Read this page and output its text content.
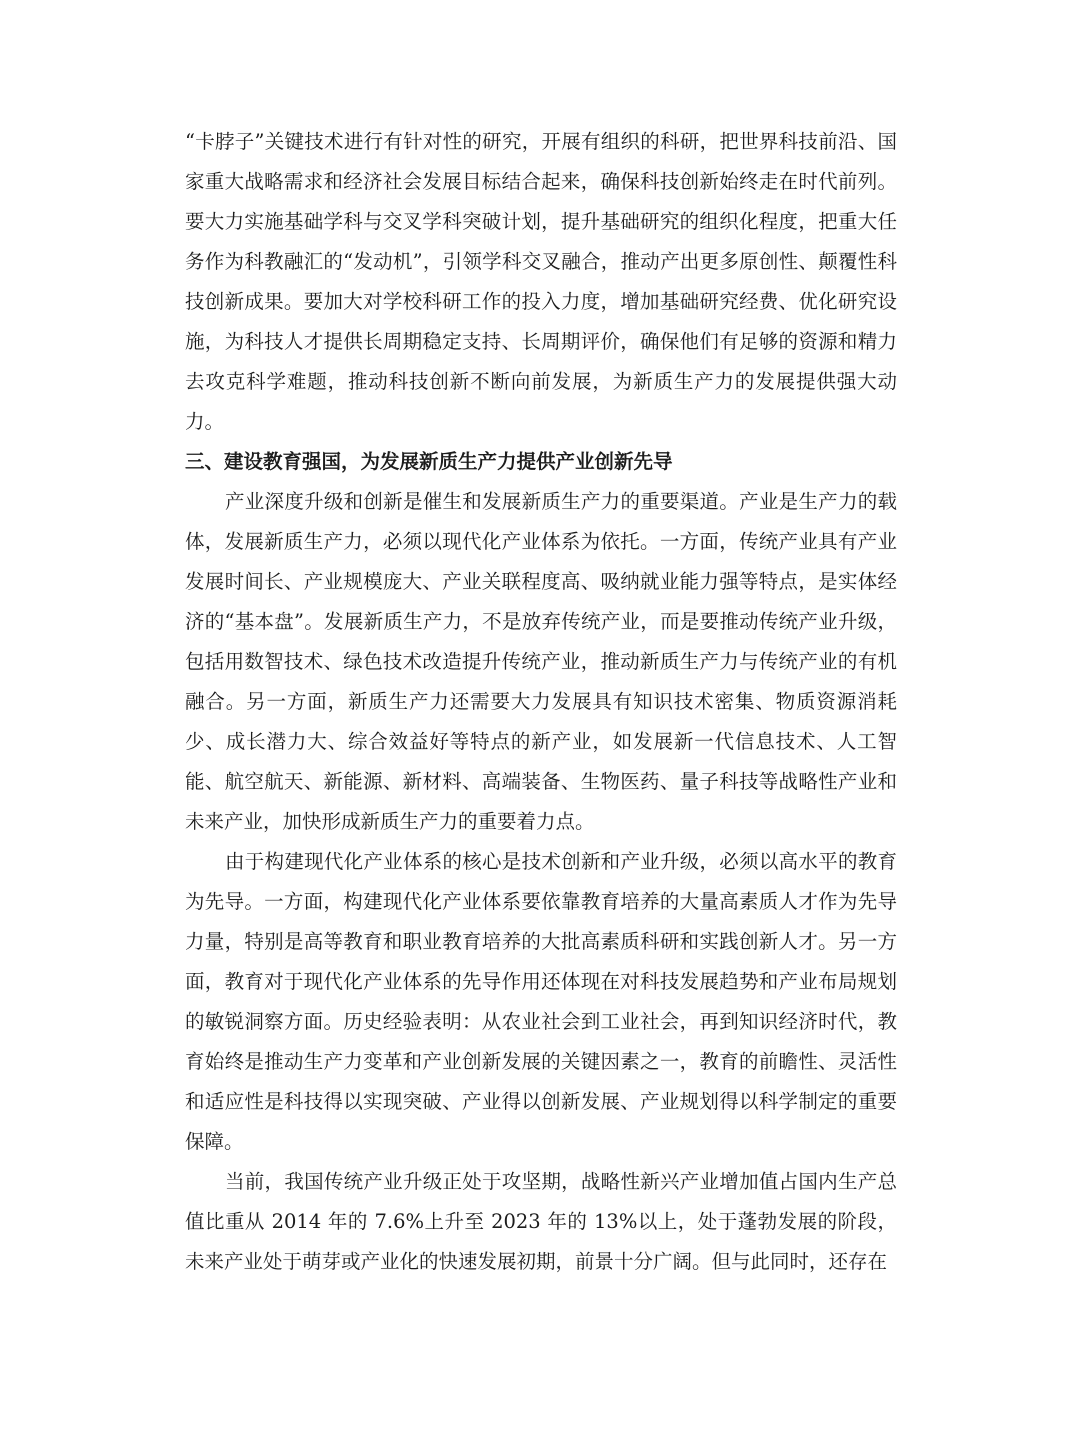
“卡脖子”关键技术进行有针对性的研究，开展有组织的科研，把世界科技前沿、国家重大战略需求和经济社会发展目标结合起来，确保科技创新始终走在时代前列。要大力实施基础学科与交叉学科突破计划，提升基础研究的组织化程度，把重大任务作为科教融汇的“发动机”，引领学科交叉融合，推动产出更多原创性、颠覆性科技创新成果。要加大对学校科研工作的投入力度，增加基础研究经费、优化研究设施，为科技人才提供长周期稳定支持、长周期评价，确保他们有足够的资源和精力去攻克科学难题，推动科技创新不断向前发展，为新质生产力的发展提供强大动力。

三、建设教育强国，为发展新质生产力提供产业创新先导

产业深度升级和创新是催生和发展新质生产力的重要渠道。产业是生产力的载体，发展新质生产力，必须以现代化产业体系为依托。一方面，传统产业具有产业发展时间长、产业规模庞大、产业关联程度高、吸纳就业能力强等特点，是实体经济的“基本盘”。发展新质生产力，不是放弃传统产业，而是要推动传统产业升级，包括用数智技术、绿色技术改造提升传统产业，推动新质生产力与传统产业的有机融合。另一方面，新质生产力还需要大力发展具有知识技术密集、物质资源消耗少、成长潜力大、综合效益好等特点的新产业，如发展新一代信息技术、人工智能、航空航天、新能源、新材料、高端装备、生物医药、量子科技等战略性产业和未来产业，加快形成新质生产力的重要着力点。

由于构建现代化产业体系的核心是技术创新和产业升级，必须以高水平的教育为先导。一方面，构建现代化产业体系要依靠教育培养的大量高素质人才作为先导力量，特别是高等教育和职业教育培养的大批高素质科研和实践创新人才。另一方面，教育对于现代化产业体系的先导作用还体现在对科技发展趋势和产业布局规划的敏锐洞察方面。历史经验表明：从农业社会到工业社会，再到知识经济时代，教育始终是推动生产力变革和产业创新发展的关键因素之一，教育的前瞻性、灵活性和适应性是科技得以实现突破、产业得以创新发展、产业规划得以科学制定的重要保障。

当前，我国传统产业升级正处于攻坚期，战略性新兴产业增加值占国内生产总值比重从 2014 年的 7.6%上升至 2023 年的 13%以上，处于蓬勃发展的阶段，未来产业处于萌芽或产业化的快速发展初期，前景十分广阔。但与此同时，还存在
